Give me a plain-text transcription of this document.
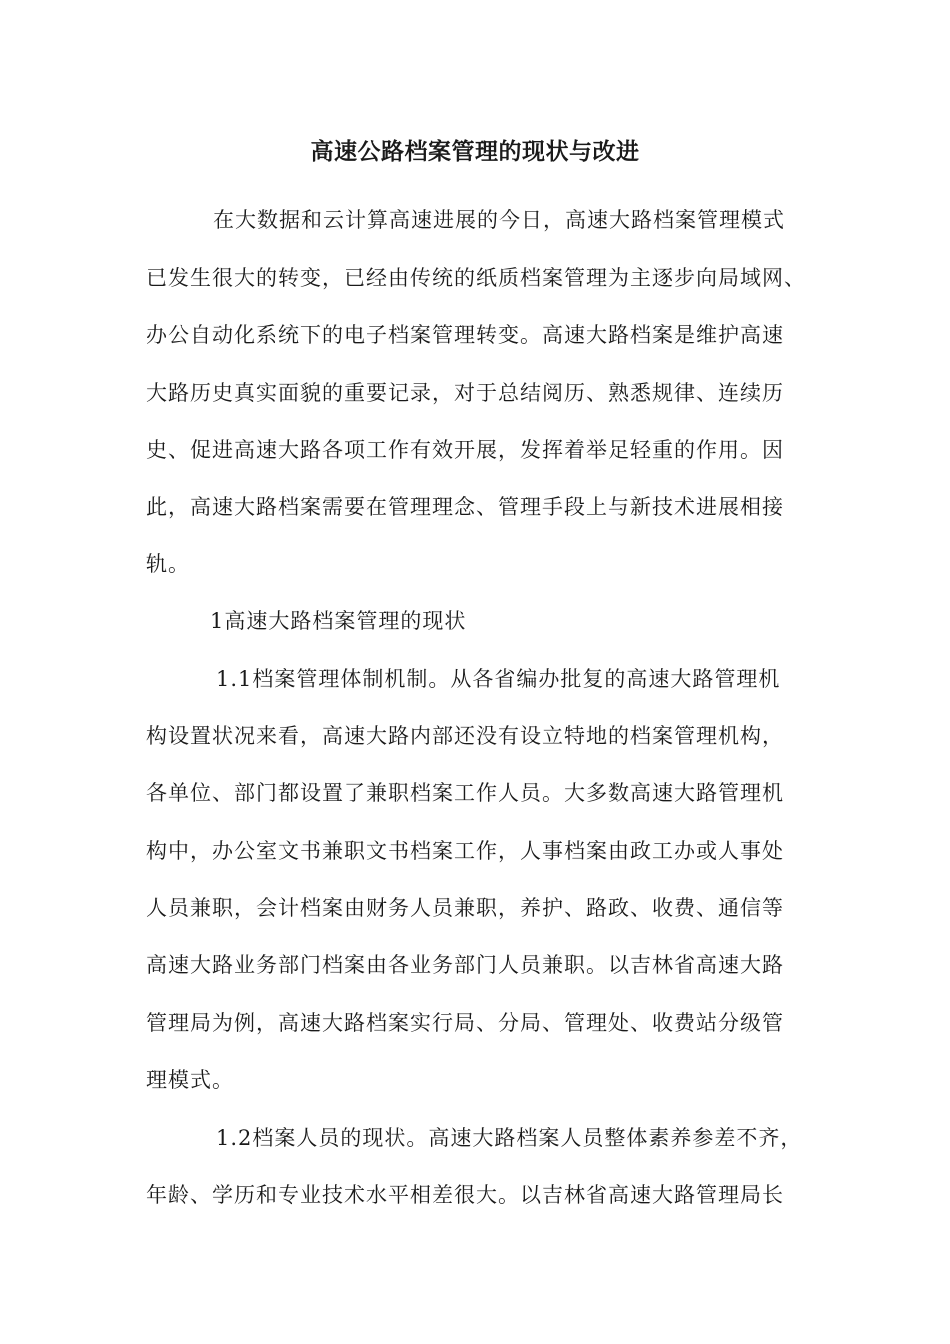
高速公路档案管理的现状与改进
在大数据和云计算高速进展的今日，高速大路档案管理模式
已发生很大的转变，已经由传统的纸质档案管理为主逐步向局域网、
办公自动化系统下的电子档案管理转变。高速大路档案是维护高速
大路历史真实面貌的重要记录，对于总结阅历、熟悉规律、连续历
史、促进高速大路各项工作有效开展，发挥着举足轻重的作用。因
此，高速大路档案需要在管理理念、管理手段上与新技术进展相接
轨。
1高速大路档案管理的现状
1.1档案管理体制机制。从各省编办批复的高速大路管理机
构设置状况来看，高速大路内部还没有设立特地的档案管理机构，
各单位、部门都设置了兼职档案工作人员。大多数高速大路管理机
构中，办公室文书兼职文书档案工作，人事档案由政工办或人事处
人员兼职，会计档案由财务人员兼职，养护、路政、收费、通信等
高速大路业务部门档案由各业务部门人员兼职。以吉林省高速大路
管理局为例，高速大路档案实行局、分局、管理处、收费站分级管
理模式。
1.2档案人员的现状。高速大路档案人员整体素养参差不齐，
年龄、学历和专业技术水平相差很大。以吉林省高速大路管理局长
